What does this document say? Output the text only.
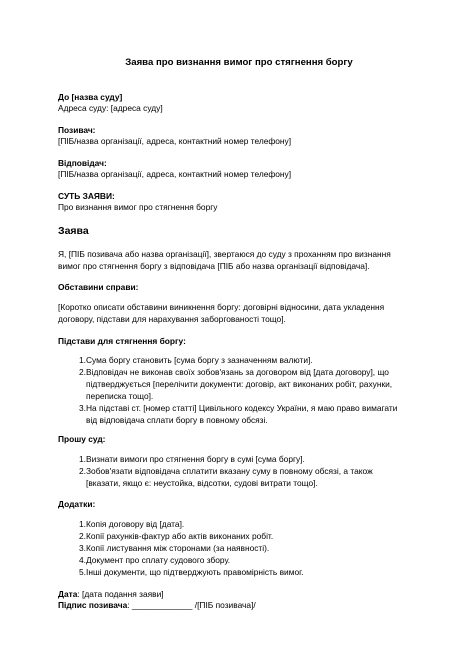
Заява про визнання вимог про стягнення боргу
До [назва суду]
Адреса суду: [адреса суду]
Позивач:
[ПІБ/назва організації, адреса, контактний номер телефону]
Відповідач:
[ПІБ/назва організації, адреса, контактний номер телефону]
СУТЬ ЗАЯВИ:
Про визнання вимог про стягнення боргу
Заява
Я, [ПІБ позивача або назва організації], звертаюся до суду з проханням про визнання
вимог про стягнення боргу з відповідача [ПІБ або назва організації відповідача].
Обставини справи:
[Коротко описати обставини виникнення боргу: договірні відносини, дата укладення
договору, підстави для нарахування заборгованості тощо].
Підстави для стягнення боргу:
1. Сума боргу становить [сума боргу з зазначенням валюти].
2. Відповідач не виконав своїх зобов'язань за договором від [дата договору], що
підтверджується [перелічити документи: договір, акт виконаних робіт, рахунки,
переписка тощо].
3. На підставі ст. [номер статті] Цивільного кодексу України, я маю право вимагати
від відповідача сплати боргу в повному обсязі.
Прошу суд:
1. Визнати вимоги про стягнення боргу в сумі [сума боргу].
2. Зобов'язати відповідача сплатити вказану суму в повному обсязі, а також
[вказати, якщо є: неустойка, відсотки, судові витрати тощо].
Додатки:
1. Копія договору від [дата].
2. Копії рахунків-фактур або актів виконаних робіт.
3. Копії листування між сторонами (за наявності).
4. Документ про сплату судового збору.
5. Інші документи, що підтверджують правомірність вимог.
Дата: [дата подання заяви]
Підпис позивача: _____________ /[ПІБ позивача]/
